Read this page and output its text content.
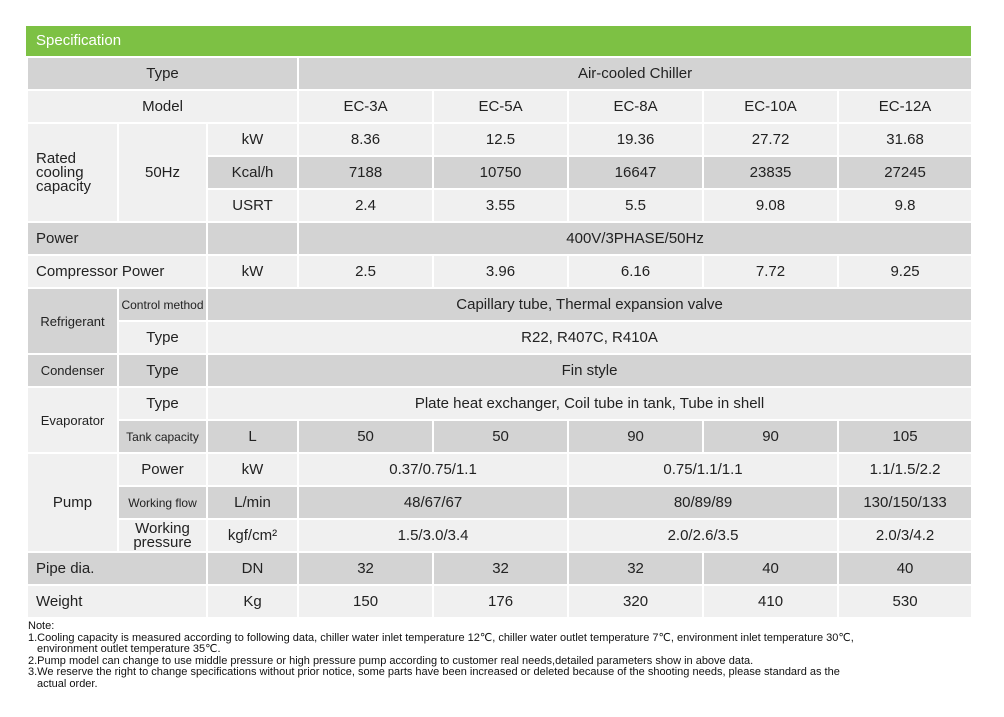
Specification
Type			Air-cooled Chiller				
Model			EC-3A	EC-5A	EC-8A	EC-10A	EC-12A
Rated cooling capacity	50Hz	kW	8.36	12.5	19.36	27.72	31.68
		Kcal/h	7188	10750	16647	23835	27245
		USRT	2.4	3.55	5.5	9.08	9.8
Power			400V/3PHASE/50Hz				
Compressor Power		kW	2.5	3.96	6.16	7.72	9.25
Refrigerant	Control method	Capillary tube, Thermal expansion valve					
	Type	R22, R407C, R410A					
Condenser	Type	Fin style					
Evaporator	Type	Plate heat exchanger, Coil tube in tank, Tube in shell					
	Tank capacity	L	50	50	90	90	105
Pump	Power	kW	0.37/0.75/1.1		0.75/1.1/1.1		1.1/1.5/2.2
	Working flow	L/min	48/67/67		80/89/89		130/150/133
	Working pressure	kgf/cm²	1.5/3.0/3.4		2.0/2.6/3.5		2.0/3/4.2
Pipe dia.		DN	32	32	32	40	40
Weight		Kg	150	176	320	410	530
Note:
1.Cooling capacity is measured according to following data, chiller water inlet temperature 12℃, chiller water outlet temperature 7℃, environment inlet temperature 30℃,
environment outlet temperature 35℃.
2.Pump model can change to use middle pressure or high pressure pump according to customer real needs,detailed parameters show in above data.
3.We reserve the right to change specifications without prior notice, some parts have been increased or deleted because of the shooting needs, please standard as the
actual order.
